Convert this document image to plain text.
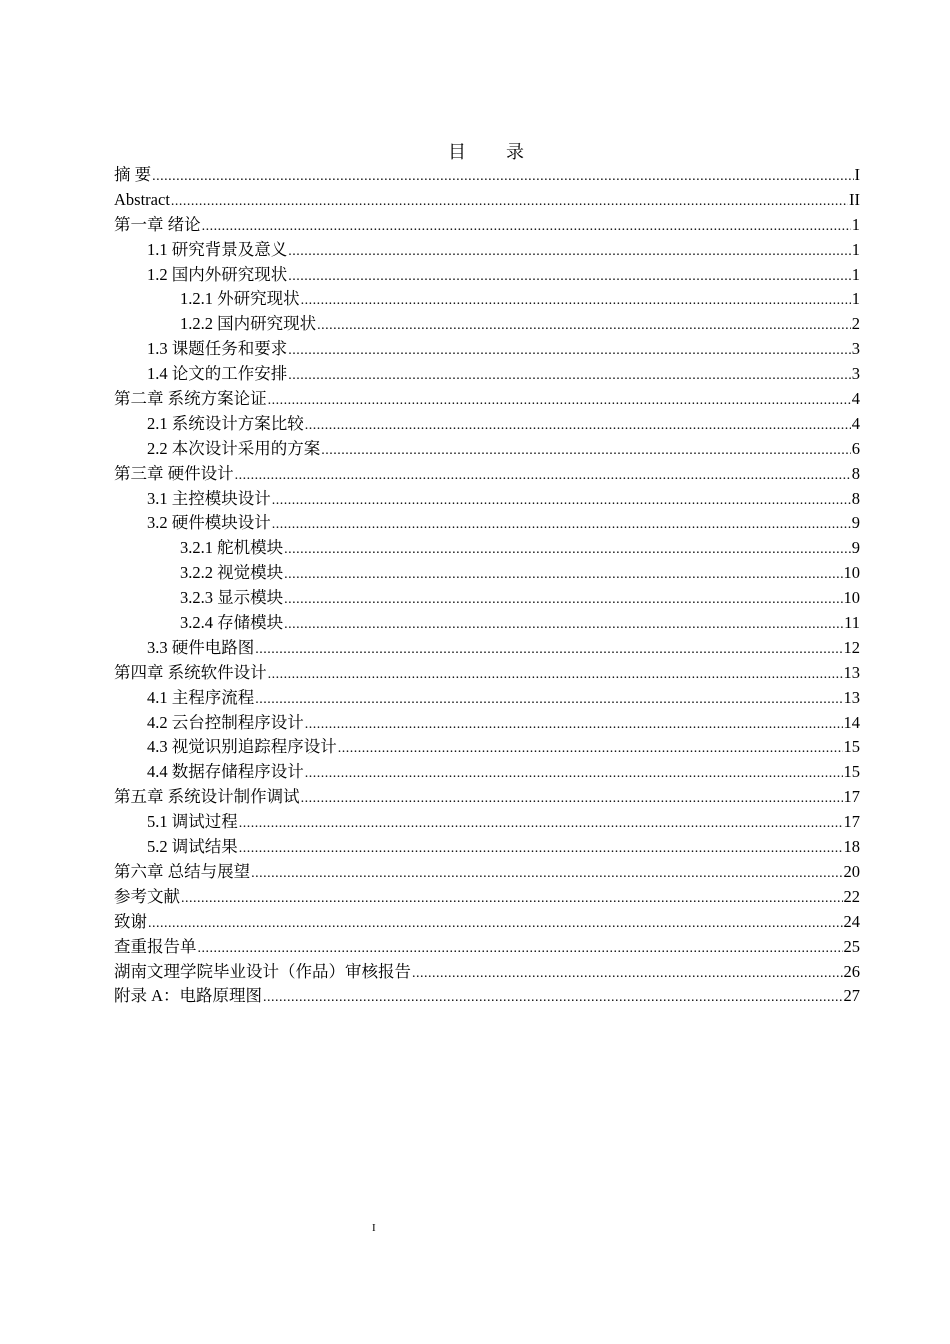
目 录
摘 要 .....	I
Abstract .....	II
第一章 绪论 .....	1
1.1 研究背景及意义 .....	1
1.2 国内外研究现状 .....	1
1.2.1 外研究现状 .....	1
1.2.2 国内研究现状 .....	2
1.3 课题任务和要求 .....	3
1.4 论文的工作安排 .....	3
第二章 系统方案论证 .....	4
2.1 系统设计方案比较 .....	4
2.2 本次设计采用的方案 .....	6
第三章 硬件设计 .....	8
3.1 主控模块设计 .....	8
3.2 硬件模块设计 .....	9
3.2.1 舵机模块 .....	9
3.2.2 视觉模块 .....	10
3.2.3 显示模块 .....	10
3.2.4 存储模块 .....	11
3.3 硬件电路图 .....	12
第四章 系统软件设计 .....	13
4.1 主程序流程 .....	13
4.2 云台控制程序设计 .....	14
4.3 视觉识别追踪程序设计 .....	15
4.4 数据存储程序设计 .....	15
第五章 系统设计制作调试 .....	17
5.1 调试过程 .....	17
5.2 调试结果 .....	18
第六章 总结与展望 .....	20
参考文献 .....	22
致谢 .....	24
查重报告单 .....	25
湖南文理学院毕业设计（作品）审核报告 .....	26
附录 A：电路原理图 .....	27
I
